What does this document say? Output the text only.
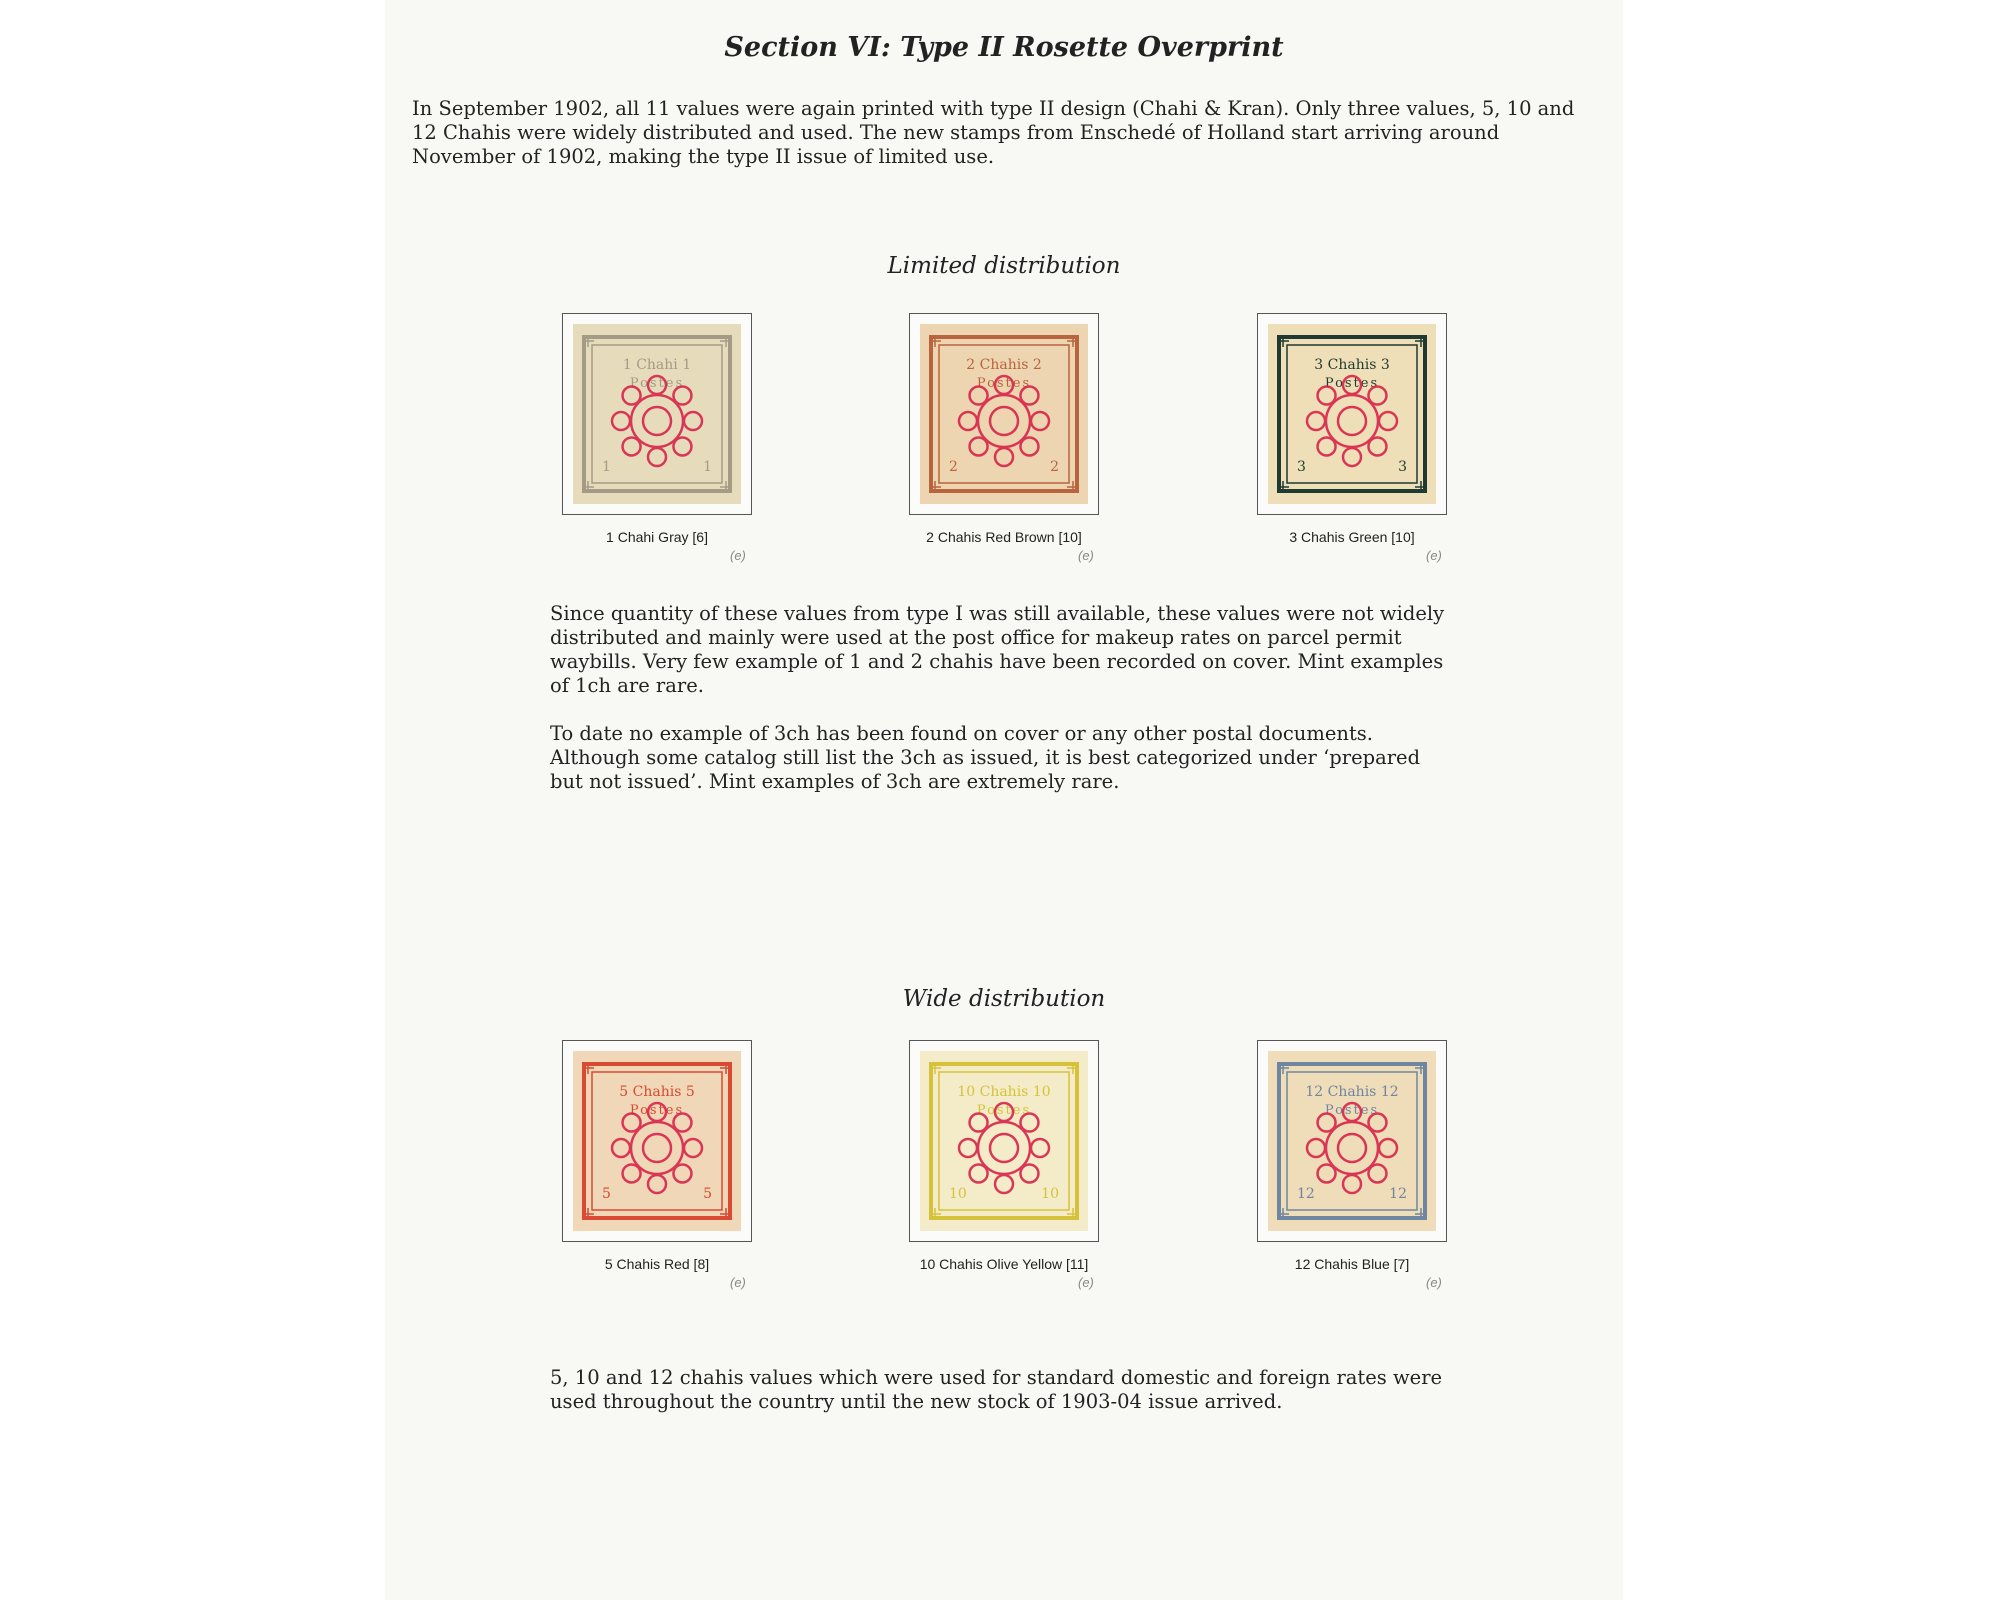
Section VI: Type II Rosette Overprint
In September 1902, all 11 values were again printed with type II design (Chahi & Kran). Only three values, 5, 10 and
12 Chahis were widely distributed and used. The new stamps from Enschedé of Holland start arriving around
November of 1902, making the type II issue of limited use.
Limited distribution
1 Chahi 1
Postes
1	1
2 Chahis 2
Postes
2	2
3 Chahis 3
Postes
3	3
1 Chahi Gray [6]	2 Chahis Red Brown [10]	3 Chahis Green [10]
(e)	(e)	(e)
Since quantity of these values from type I was still available, these values were not widely
distributed and mainly were used at the post office for makeup rates on parcel permit
waybills. Very few example of 1 and 2 chahis have been recorded on cover. Mint examples
of 1ch are rare.
To date no example of 3ch has been found on cover or any other postal documents.
Although some catalog still list the 3ch as issued, it is best categorized under ‘prepared
but not issued’. Mint examples of 3ch are extremely rare.
Wide distribution
5 Chahis 5
Postes
5	5
10 Chahis 10
Postes
10	10
12 Chahis 12
Postes
12	12
5 Chahis Red [8]	10 Chahis Olive Yellow [11]	12 Chahis Blue [7]
(e)	(e)	(e)
5, 10 and 12 chahis values which were used for standard domestic and foreign rates were
used throughout the country until the new stock of 1903-04 issue arrived.
